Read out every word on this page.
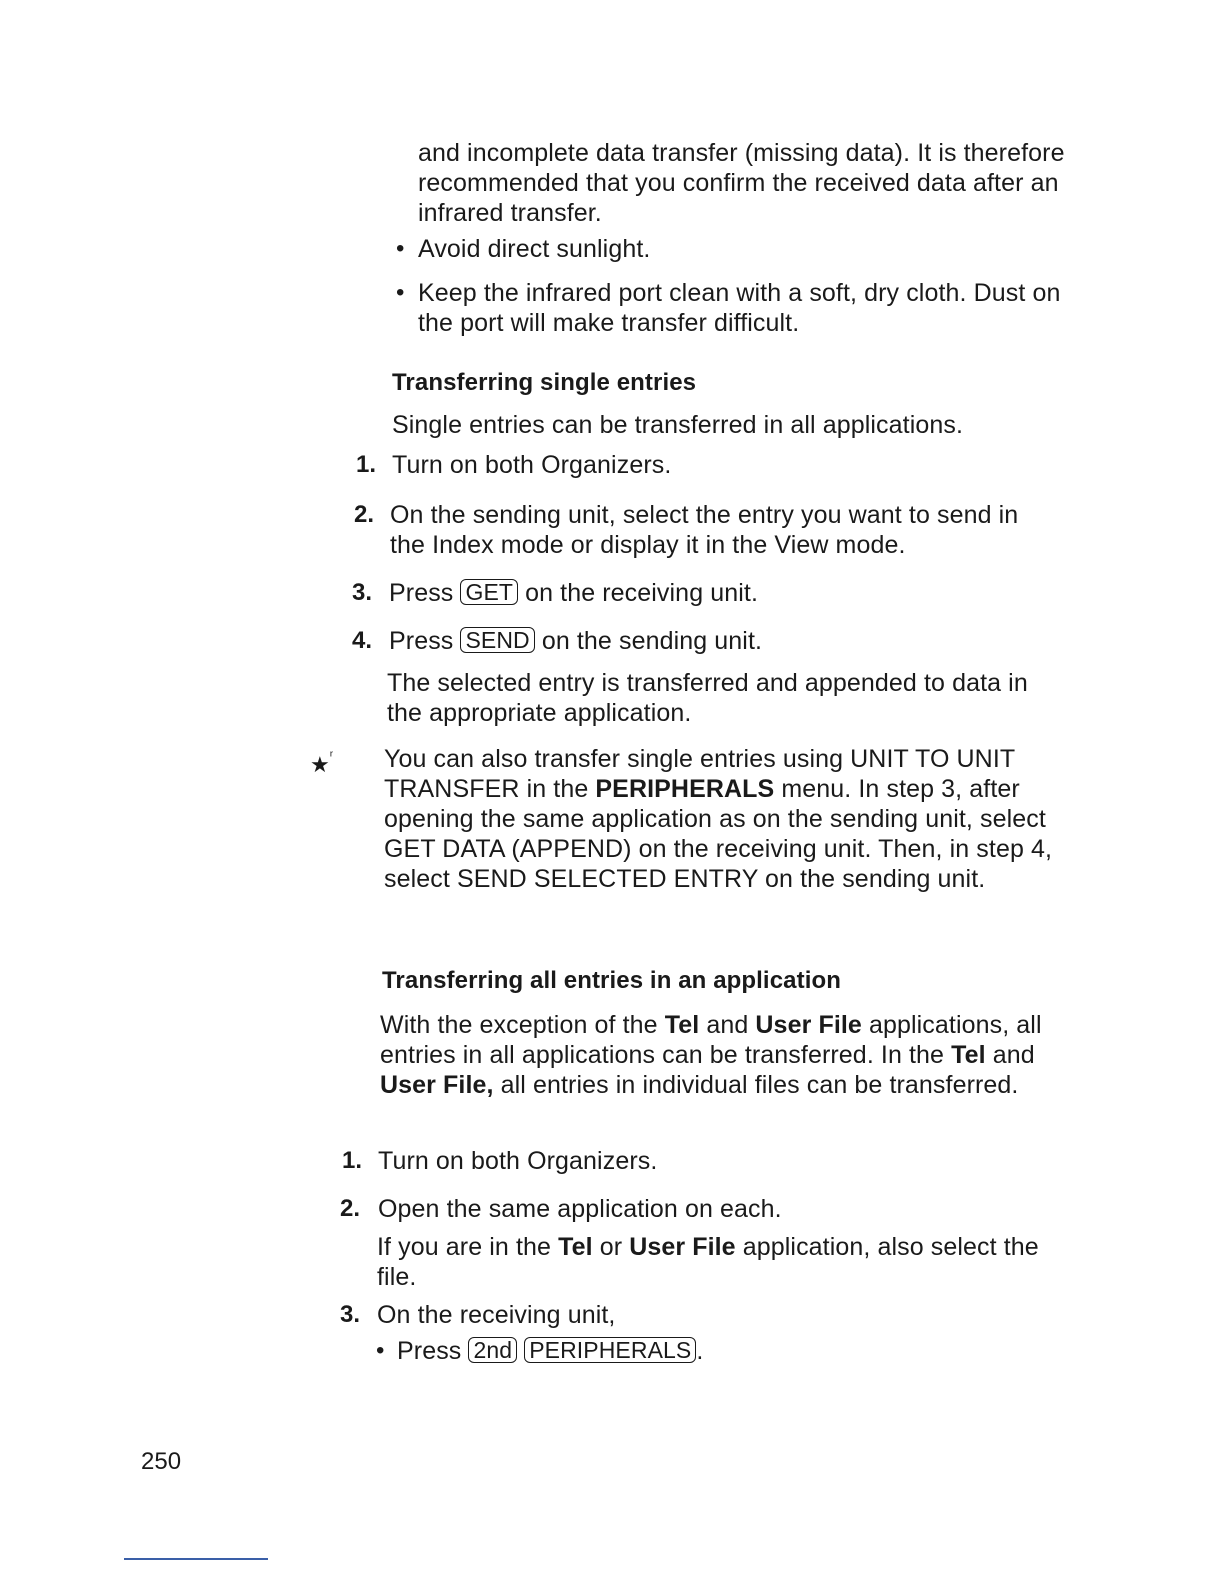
and incomplete data transfer (missing data). It is therefore recommended that you confirm the received data after an infrared transfer.

• Avoid direct sunlight.

• Keep the infrared port clean with a soft, dry cloth. Dust on the port will make transfer difficult.

Transferring single entries

Single entries can be transferred in all applications.

1. Turn on both Organizers.

2. On the sending unit, select the entry you want to send in the Index mode or display it in the View mode.

3. Press GET on the receiving unit.

4. Press SEND on the sending unit.

The selected entry is transferred and appended to data in the appropriate application.

★$^ʳ$ You can also transfer single entries using UNIT TO UNIT TRANSFER in the PERIPHERALS menu. In step 3, after opening the same application as on the sending unit, select GET DATA (APPEND) on the receiving unit. Then, in step 4, select SEND SELECTED ENTRY on the sending unit.

Transferring all entries in an application

With the exception of the Tel and User File applications, all entries in all applications can be transferred. In the Tel and User File, all entries in individual files can be transferred.

1. Turn on both Organizers.

2. Open the same application on each.

If you are in the Tel or User File application, also select the file.

3. On the receiving unit,

• Press 2nd PERIPHERALS .

250
